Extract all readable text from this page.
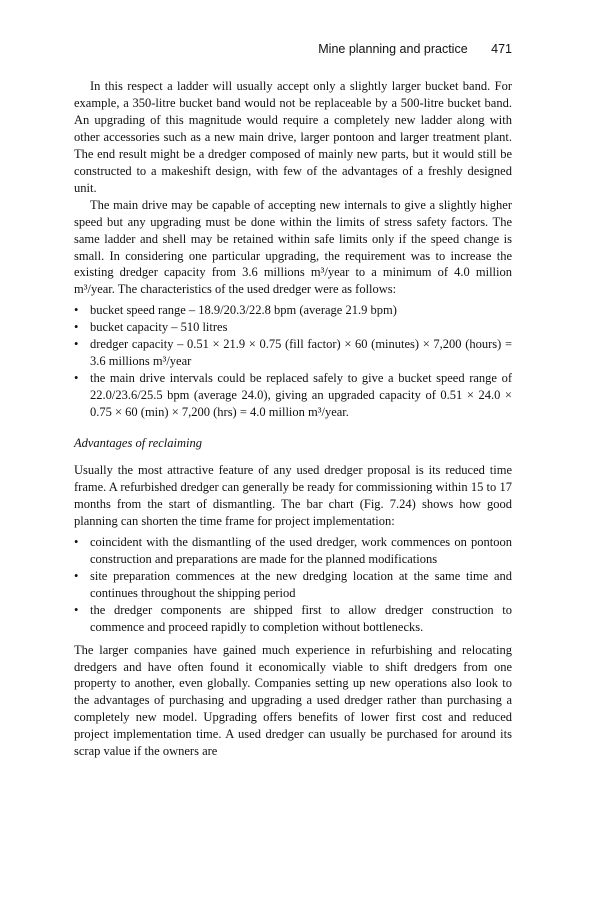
Mine planning and practice 471

In this respect a ladder will usually accept only a slightly larger bucket band. For example, a 350-litre bucket band would not be replaceable by a 500-litre bucket band. An upgrading of this magnitude would require a completely new ladder along with other accessories such as a new main drive, larger pontoon and larger treatment plant. The end result might be a dredger composed of mainly new parts, but it would still be constructed to a makeshift design, with few of the advantages of a freshly designed unit.

The main drive may be capable of accepting new internals to give a slightly higher speed but any upgrading must be done within the limits of stress safety factors. The same ladder and shell may be retained within safe limits only if the speed change is small. In considering one particular upgrading, the requirement was to increase the existing dredger capacity from 3.6 millions m³/year to a minimum of 4.0 million m³/year. The characteristics of the used dredger were as follows:

• bucket speed range – 18.9/20.3/22.8 bpm (average 21.9 bpm)
• bucket capacity – 510 litres
• dredger capacity – 0.51 × 21.9 × 0.75 (fill factor) × 60 (minutes) × 7,200 (hours) = 3.6 millions m³/year
• the main drive intervals could be replaced safely to give a bucket speed range of 22.0/23.6/25.5 bpm (average 24.0), giving an upgraded capacity of 0.51 × 24.0 × 0.75 × 60 (min) × 7,200 (hrs) = 4.0 million m³/year.

Advantages of reclaiming

Usually the most attractive feature of any used dredger proposal is its reduced time frame. A refurbished dredger can generally be ready for commissioning within 15 to 17 months from the start of dismantling. The bar chart (Fig. 7.24) shows how good planning can shorten the time frame for project implementation:

• coincident with the dismantling of the used dredger, work commences on pontoon construction and preparations are made for the planned modifications
• site preparation commences at the new dredging location at the same time and continues throughout the shipping period
• the dredger components are shipped first to allow dredger construction to commence and proceed rapidly to completion without bottlenecks.

The larger companies have gained much experience in refurbishing and relocating dredgers and have often found it economically viable to shift dredgers from one property to another, even globally. Companies setting up new operations also look to the advantages of purchasing and upgrading a used dredger rather than purchasing a completely new model. Upgrading offers benefits of lower first cost and reduced project implementation time. A used dredger can usually be purchased for around its scrap value if the owners are
